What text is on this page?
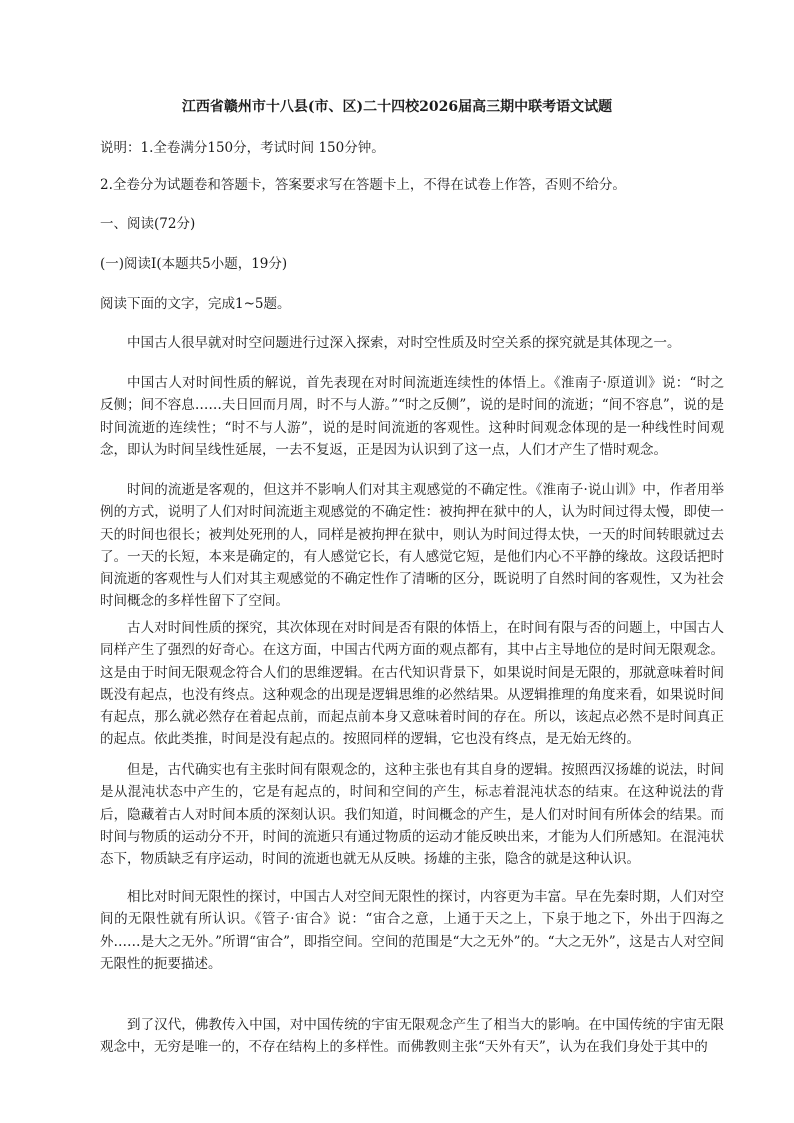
江西省赣州市十八县(市、区)二十四校2026届高三期中联考语文试题

说明：1.全卷满分150分，考试时间 150分钟。

2.全卷分为试题卷和答题卡，答案要求写在答题卡上，不得在试卷上作答，否则不给分。

一、阅读(72分)

(一)阅读Ⅰ(本题共5小题，19分)

阅读下面的文字，完成1~5题。

中国古人很早就对时空问题进行过深入探索，对时空性质及时空关系的探究就是其体现之一。

中国古人对时间性质的解说，首先表现在对时间流逝连续性的体悟上。《淮南子·原道训》说：“时之反侧；间不容息……夫日回而月周，时不与人游。”“时之反侧”，说的是时间的流逝；“间不容息”，说的是时间流逝的连续性；“时不与人游”，说的是时间流逝的客观性。这种时间观念体现的是一种线性时间观念，即认为时间呈线性延展，一去不复返，正是因为认识到了这一点，人们才产生了惜时观念。

时间的流逝是客观的，但这并不影响人们对其主观感觉的不确定性。《淮南子·说山训》中，作者用举例的方式，说明了人们对时间流逝主观感觉的不确定性：被拘押在狱中的人，认为时间过得太慢，即使一天的时间也很长；被判处死刑的人，同样是被拘押在狱中，则认为时间过得太快，一天的时间转眼就过去了。一天的长短，本来是确定的，有人感觉它长，有人感觉它短，是他们内心不平静的缘故。这段话把时间流逝的客观性与人们对其主观感觉的不确定性作了清晰的区分，既说明了自然时间的客观性，又为社会时间概念的多样性留下了空间。

古人对时间性质的探究，其次体现在对时间是否有限的体悟上，在时间有限与否的问题上，中国古人同样产生了强烈的好奇心。在这方面，中国古代两方面的观点都有，其中占主导地位的是时间无限观念。这是由于时间无限观念符合人们的思维逻辑。在古代知识背景下，如果说时间是无限的，那就意味着时间既没有起点，也没有终点。这种观念的出现是逻辑思维的必然结果。从逻辑推理的角度来看，如果说时间有起点，那么就必然存在着起点前，而起点前本身又意味着时间的存在。所以，该起点必然不是时间真正的起点。依此类推，时间是没有起点的。按照同样的逻辑，它也没有终点，是无始无终的。

但是，古代确实也有主张时间有限观念的，这种主张也有其自身的逻辑。按照西汉扬雄的说法，时间是从混沌状态中产生的，它是有起点的，时间和空间的产生，标志着混沌状态的结束。在这种说法的背后，隐藏着古人对时间本质的深刻认识。我们知道，时间概念的产生，是人们对时间有所体会的结果。而时间与物质的运动分不开，时间的流逝只有通过物质的运动才能反映出来，才能为人们所感知。在混沌状态下，物质缺乏有序运动，时间的流逝也就无从反映。扬雄的主张，隐含的就是这种认识。

相比对时间无限性的探讨，中国古人对空间无限性的探讨，内容更为丰富。早在先秦时期，人们对空间的无限性就有所认识。《管子·宙合》说：“宙合之意，上通于天之上，下泉于地之下，外出于四海之外……是大之无外。”所谓“宙合”，即指空间。空间的范围是“大之无外”的。“大之无外”，这是古人对空间无限性的扼要描述。

到了汉代，佛教传入中国，对中国传统的宇宙无限观念产生了相当大的影响。在中国传统的宇宙无限观念中，无穷是唯一的，不存在结构上的多样性。而佛教则主张“天外有天”，认为在我们身处于其中的
